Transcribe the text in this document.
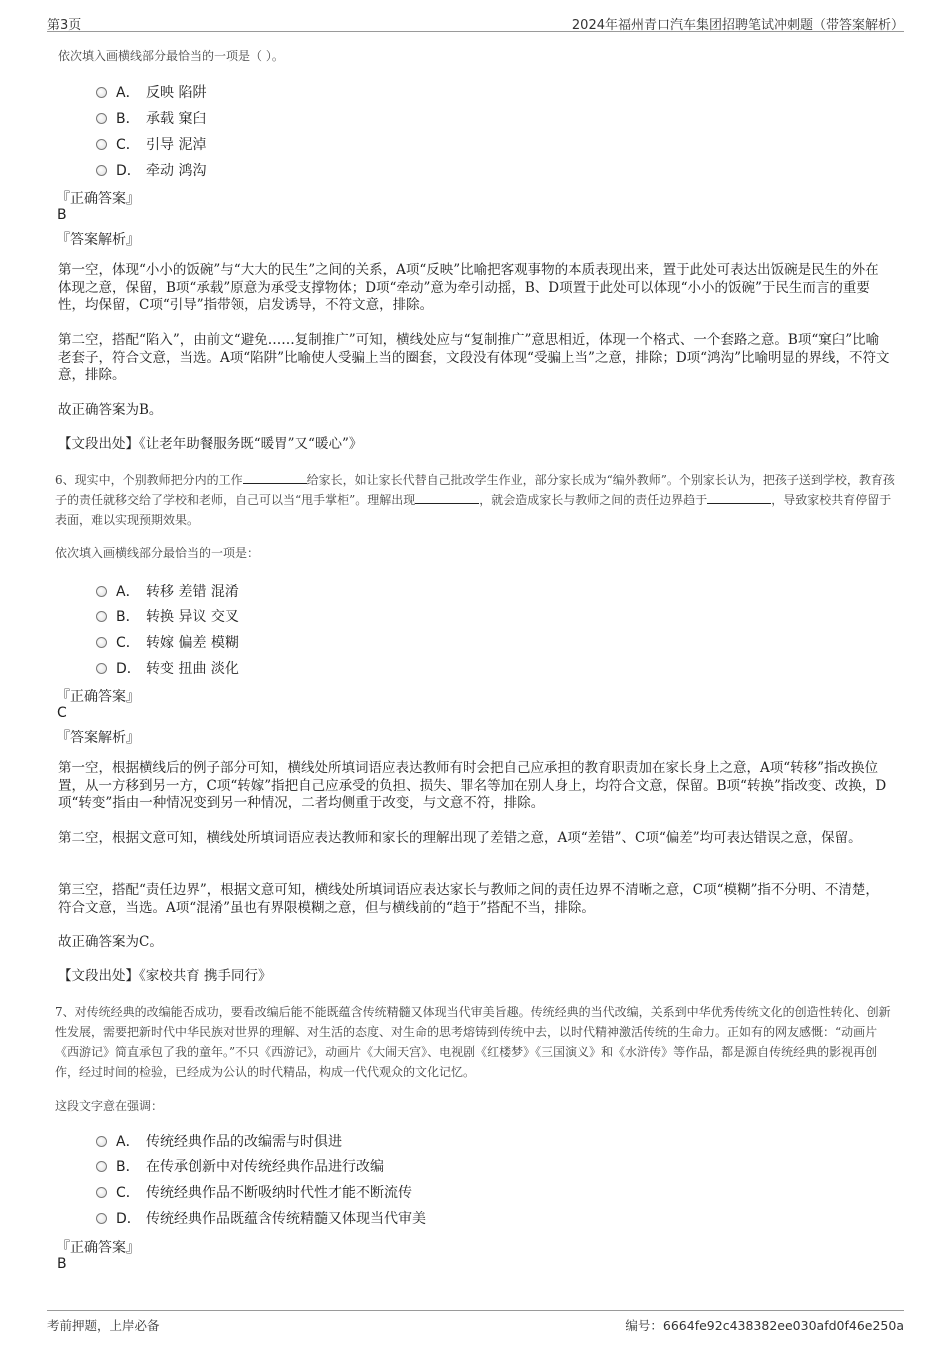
第3页	2024年福州青口汽车集团招聘笔试冲刺题（带答案解析）
依次填入画横线部分最恰当的一项是（ ）。
A． 反映 陷阱
B． 承载 窠臼
C． 引导 泥淖
D． 牵动 鸿沟
『正确答案』
B
『答案解析』
第一空，体现“小小的饭碗”与“大大的民生”之间的关系，A项“反映”比喻把客观事物的本质表现出来，置于此处可表达出饭碗是民生的外在体现之意，保留，B项“承载”原意为承受支撑物体；D项“牵动”意为牵引动摇，B、D项置于此处可以体现“小小的饭碗”于民生而言的重要性，均保留，C项“引导”指带领，启发诱导，不符文意，排除。
第二空，搭配“陷入”，由前文“避免……复制推广”可知，横线处应与“复制推广”意思相近，体现一个格式、一个套路之意。B项“窠臼”比喻老套子，符合文意，当选。A项“陷阱”比喻使人受骗上当的圈套，文段没有体现“受骗上当”之意，排除；D项“鸿沟”比喻明显的界线，不符文意，排除。
故正确答案为B。
【文段出处】《让老年助餐服务既“暖胃”又“暖心”》
6、现实中，个别教师把分内的工作	给家长，如让家长代替自己批改学生作业，部分家长成为“编外教师”。个别家长认为，把孩子送到学校，教育孩子的责任就移交给了学校和老师，自己可以当“甩手掌柜”。理解出现	，就会造成家长与教师之间的责任边界趋于	，导致家校共育停留于表面，难以实现预期效果。
依次填入画横线部分最恰当的一项是：
A． 转移 差错 混淆
B． 转换 异议 交叉
C． 转嫁 偏差 模糊
D． 转变 扭曲 淡化
『正确答案』
C
『答案解析』
第一空，根据横线后的例子部分可知，横线处所填词语应表达教师有时会把自己应承担的教育职责加在家长身上之意，A项“转移”指改换位置，从一方移到另一方，C项“转嫁”指把自己应承受的负担、损失、罪名等加在别人身上，均符合文意，保留。B项“转换”指改变、改换，D项“转变”指由一种情况变到另一种情况，二者均侧重于改变，与文意不符，排除。
第二空，根据文意可知，横线处所填词语应表达教师和家长的理解出现了差错之意，A项“差错”、C项“偏差”均可表达错误之意，保留。
第三空，搭配“责任边界”，根据文意可知，横线处所填词语应表达家长与教师之间的责任边界不清晰之意，C项“模糊”指不分明、不清楚，符合文意，当选。A项“混淆”虽也有界限模糊之意，但与横线前的“趋于”搭配不当，排除。
故正确答案为C。
【文段出处】《家校共育 携手同行》
7、对传统经典的改编能否成功，要看改编后能不能既蕴含传统精髓又体现当代审美旨趣。传统经典的当代改编，关系到中华优秀传统文化的创造性转化、创新性发展，需要把新时代中华民族对世界的理解、对生活的态度、对生命的思考熔铸到传统中去，以时代精神激活传统的生命力。正如有的网友感慨：“动画片《西游记》简直承包了我的童年。”不只《西游记》，动画片《大闹天宫》、电视剧《红楼梦》《三国演义》和《水浒传》等作品，都是源自传统经典的影视再创作，经过时间的检验，已经成为公认的时代精品，构成一代代观众的文化记忆。
这段文字意在强调：
A． 传统经典作品的改编需与时俱进
B． 在传承创新中对传统经典作品进行改编
C． 传统经典作品不断吸纳时代性才能不断流传
D． 传统经典作品既蕴含传统精髓又体现当代审美
『正确答案』
B
考前押题，上岸必备	编号：6664fe92c438382ee030afd0f46e250a
